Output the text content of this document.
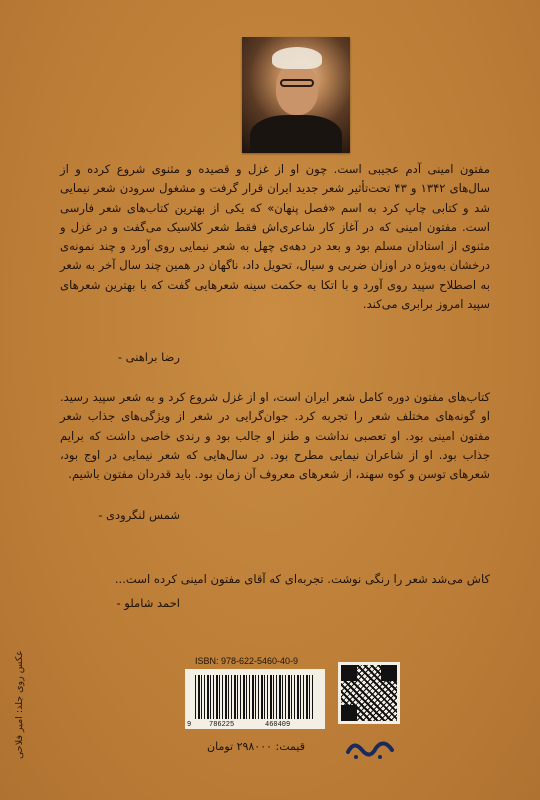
مفتون امینی آدم عجیبی است. چون او از غزل و قصیده و مثنوی شروع کرده و از سال‌های ۱۳۴۲ و ۴۳ تحت‌تأثیر شعر جدید ایران قرار گرفت و مشغول سرودن شعر نیمایی شد و کتابی چاپ کرد به اسم «فصل پنهان» که یکی از بهترین کتاب‌های شعر فارسی است. مفتون امینی که در آغاز کار شاعری‌اش فقط شعر کلاسیک می‌گفت و در غزل و مثنوی از استادان مسلم بود و بعد در دهه‌ی چهل به شعر نیمایی روی آورد و چند نمونه‌ی درخشان به‌ویژه در اوزان ضربی و سیال، تحویل داد، ناگهان در همین چند سال آخر به شعر به اصطلاح سپید روی آورد و با اتکا به حکمت سینه شعرهایی گفت که با بهترین شعرهای سپید امروز برابری می‌کند.

رضا براهنی -

کتاب‌های مفتون دوره کامل شعر ایران است، او از غزل شروع کرد و به شعر سپید رسید. او گونه‌های مختلف شعر را تجربه کرد. جوان‌گرایی در شعر از ویژگی‌های جذاب شعر مفتون امینی بود. او تعصبی نداشت و طنز او جالب بود و رندی خاصی داشت که برایم جذاب بود. او از شاعران نیمایی مطرح بود. در سال‌هایی که شعر نیمایی در اوج بود، شعرهای توسن و کوه سهند، از شعرهای معروف آن زمان بود. باید قدردان مفتون باشیم.

شمس لنگرودی -

کاش می‌شد شعر را رنگی نوشت. تجربه‌ای که آقای مفتون امینی کرده است...

احمد شاملو -
عکس روی جلد: امیر فلاحی	ISBN: 978-622-5460-40-9
9	786225	460409
قیمت: ۲۹۸۰۰۰ تومان
